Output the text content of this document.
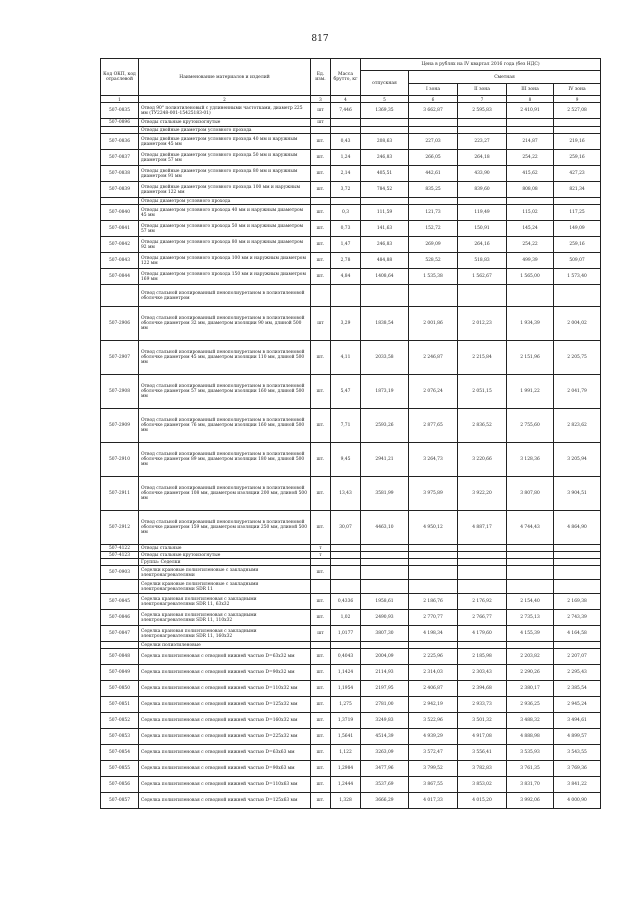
817
Код ОКП, код отраслевой	Наименование материалов и изделий	Ед. изм.	Масса брутто, кг	Цена в рублях на IV квартал 2016 года (без НДС)				
				отпускная	Сметная			
					I зона	II зона	III зона	IV зона
1	2	3	4	5	6	7	8	9
507-0835	Отвод 90° полиэтиленовый с удлиненными частотками, диаметр 225 мм (ТУ2248-001-15425183-01)	шт	7,446	1369,35	3 662,87	2 595,83	2 410,91	2 527,08
507-0896	Отводы стальные крутоизогнутые	шт						
	Отводы двойные диаметром условного прохода							
507-0836	Отводы двойные диаметром условного прохода 40 мм и наружным диаметром 45 мм	шт.	0,43	208,63	227,03	223,27	214,87	219,16
507-0837	Отводы двойные диаметром условного прохода 50 мм и наружным диаметром 57 мм	шт.	1,24	246,83	266,05	264,18	254,22	259,16
507-0838	Отводы двойные диаметром условного прохода 80 мм и наружным диаметром 91 мм	шт.	2,14	405,51	442,61	433,90	415,62	427,23
507-0839	Отводы двойные диаметром условного прохода 100 мм и наружным диаметром 122 мм	шт.	3,72	784,52	835,25	839,60	808,08	821,34
	Отводы диаметром условного прохода							
507-0840	Отводы диаметром условного прохода 40 мм и наружным диаметром 45 мм	шт.	0,3	111,59	121,73	119,49	115,02	117,25
507-0841	Отводы диаметром условного прохода 50 мм и наружным диаметром 57 мм	шт.	0,73	141,63	152,72	150,91	145,24	149,09
507-0842	Отводы диаметром условного прохода 80 мм и наружным диаметром 92 мм	шт.	1,47	246,83	269,09	264,16	254,22	259,16
507-0843	Отводы диаметром условного прохода 100 мм и наружным диаметром 122 мм	шт.	2,78	484,88	528,52	518,83	499,39	509,07
507-0844	Отводы диаметром условного прохода 150 мм и наружным диаметром 169 мм	шт.	4,84	1408,64	1 535,38	1 562,67	1 565,00	1 573,40
	Отвод стальной изолированный пенополиуретаном в полиэтиленовой оболочке диаметром							
507-2906	Отвод стальной изолированный пенополиуретаном в полиэтиленовой оболочке диаметром 32 мм, диаметром изоляции 90 мм, длиной 500 мм	шт	3,29	1838,54	2 001,86	2 012,23	1 934,39	2 004,02
507-2907	Отвод стальной изолированный пенополиуретаном в полиэтиленовой оболочке диаметром 45 мм, диаметром изоляции 110 мм, длиной 500 мм	шт.	4,11	2033,58	2 246,87	2 215,84	2 151,96	2 205,75
507-2908	Отвод стальной изолированный пенополиуретаном в полиэтиленовой оболочке диаметром 57 мм, диаметром изоляции 160 мм, длиной 500 мм	шт.	5,47	1873,19	2 076,24	2 051,15	1 991,22	2 041,79
507-2909	Отвод стальной изолированный пенополиуретаном в полиэтиленовой оболочке диаметром 76 мм, диаметром изоляции 160 мм, длиной 500 мм	шт.	7,71	2593,26	2 877,65	2 836,52	2 755,60	2 823,62
507-2910	Отвод стальной изолированный пенополиуретаном в полиэтиленовой оболочке диаметром 89 мм, диаметром изоляции 180 мм, длиной 500 мм	шт.	9,45	2941,21	3 264,73	3 220,66	3 128,36	3 205,94
507-2911	Отвод стальной изолированный пенополиуретаном в полиэтиленовой оболочке диаметром 108 мм, диаметром изоляции 200 мм, длиной 500 мм	шт.	13,43	3581,99	3 975,89	3 922,20	3 807,80	3 904,51
507-2912	Отвод стальной изолированный пенополиуретаном в полиэтиленовой оболочке диаметром 159 мм, диаметром изоляции 250 мм, длиной 500 мм	шт.	30,07	4463,10	4 950,12	4 887,17	4 744,43	4 864,90
507-4122	Отводы стальные	т						
507-4123	Отводы стальные крутоизогнутые	т						
	Группа: Седелки							
507-0903	Седелки крановые полиэтиленовые с закладными электронагревателями	шт.						
	Седелки крановые полиэтиленовые с закладными электронагревателями SDR 11							
507-0845	Седелка крановая полиэтиленовая с закладными электронагревателями SDR 11, 63х32	шт.	0,4336	1958,61	2 186,76	2 176,92	2 154,40	2 169,38
507-0846	Седелка крановая полиэтиленовая с закладными электронагревателями SDR 11, 110х32	шт.	1,02	2490,93	2 770,77	2 766,77	2 735,13	2 743,39
507-0847	Седелка крановая полиэтиленовая с закладными электронагревателями SDR 11, 160х32	шт	1,0177	3807,30	4 198,34	4 179,60	4 155,39	4 164,58
	Седелки полиэтиленовые							
507-0848	Седелка полиэтиленовая с отводной нижней частью D=63х32 мм	шт.	0,4043	2004,09	2 225,96	2 185,98	2 203,82	2 207,07
507-0849	Седелка полиэтиленовая с отводной нижней частью D=90х32 мм	шт.	1,1424	2114,93	2 314,03	2 303,43	2 290,26	2 295,43
507-0850	Седелка полиэтиленовая с отводной нижней частью D=110х32 мм	шт.	1,1954	2197,95	2 406,87	2 394,68	2 380,17	2 385,54
507-0851	Седелка полиэтиленовая с отводной нижней частью D=125х32 мм	шт.	1,275	2781,00	2 942,19	2 933,73	2 936,25	2 945,24
507-0852	Седелка полиэтиленовая с отводной нижней частью D=160х32 мм	шт.	1,3719	3249,83	3 522,96	3 501,32	3 488,32	3 494,61
507-0853	Седелка полиэтиленовая с отводной нижней частью D=225х32 мм	шт.	1,5641	4514,39	4 939,29	4 917,08	4 888,98	4 899,57
507-0854	Седелка полиэтиленовая с отводной нижней частью D=63х63 мм	шт.	1,122	3263,09	3 572,47	3 556,41	3 535,93	3 543,55
507-0855	Седелка полиэтиленовая с отводной нижней частью D=90х63 мм	шт.	1,2984	3477,96	3 799,52	3 782,83	3 761,35	3 769,36
507-0856	Седелка полиэтиленовая с отводной нижней частью D=110х63 мм	шт.	1,2444	3537,69	3 867,55	3 853,02	3 831,70	3 841,22
507-0857	Седелка полиэтиленовая с отводной нижней частью D=125х63 мм	шт.	1,328	3666,29	4 017,33	4 015,20	3 992,06	4 000,90
